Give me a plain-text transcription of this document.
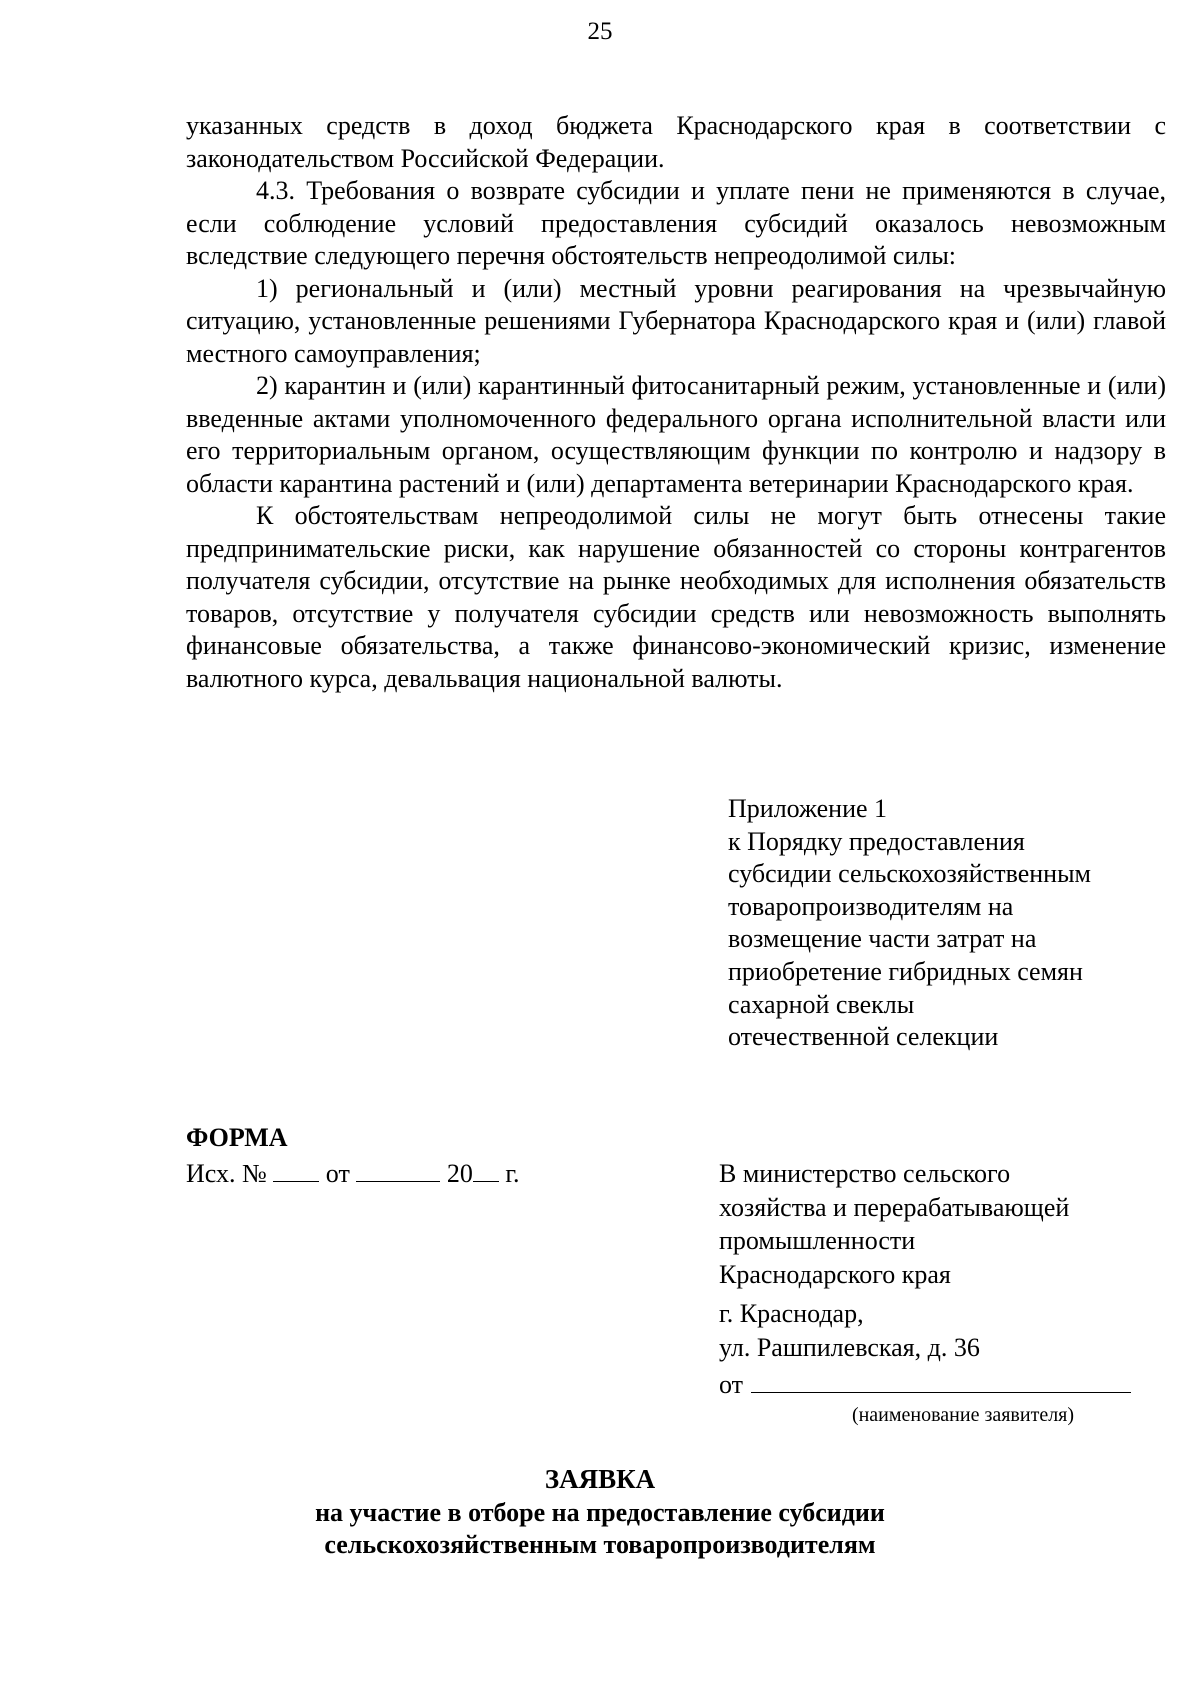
25

указанных средств в доход бюджета Краснодарского края в соответствии с законодательством Российской Федерации.

4.3. Требования о возврате субсидии и уплате пени не применяются в случае, если соблюдение условий предоставления субсидий оказалось невозможным вследствие следующего перечня обстоятельств непреодолимой силы:

1) региональный и (или) местный уровни реагирования на чрезвычайную ситуацию, установленные решениями Губернатора Краснодарского края и (или) главой местного самоуправления;

2) карантин и (или) карантинный фитосанитарный режим, установленные и (или) введенные актами уполномоченного федерального органа исполнительной власти или его территориальным органом, осуществляющим функции по контролю и надзору в области карантина растений и (или) департамента ветеринарии Краснодарского края.

К обстоятельствам непреодолимой силы не могут быть отнесены такие предпринимательские риски, как нарушение обязанностей со стороны контрагентов получателя субсидии, отсутствие на рынке необходимых для исполнения обязательств товаров, отсутствие у получателя субсидии средств или невозможность выполнять финансовые обязательства, а также финансово-экономический кризис, изменение валютного курса, девальвация национальной валюты.

Приложение 1
к Порядку предоставления
субсидии сельскохозяйственным
товаропроизводителям на
возмещение части затрат на
приобретение гибридных семян
сахарной свеклы
отечественной селекции
ФОРМА
Исх. № от	20 г.	В министерство сельского
хозяйства и перерабатывающей
промышленности
Краснодарского края
г. Краснодар,
ул. Рашпилевская, д. 36
от
(наименование заявителя)
ЗАЯВКА
на участие в отборе на предоставление субсидии
сельскохозяйственным товаропроизводителям
